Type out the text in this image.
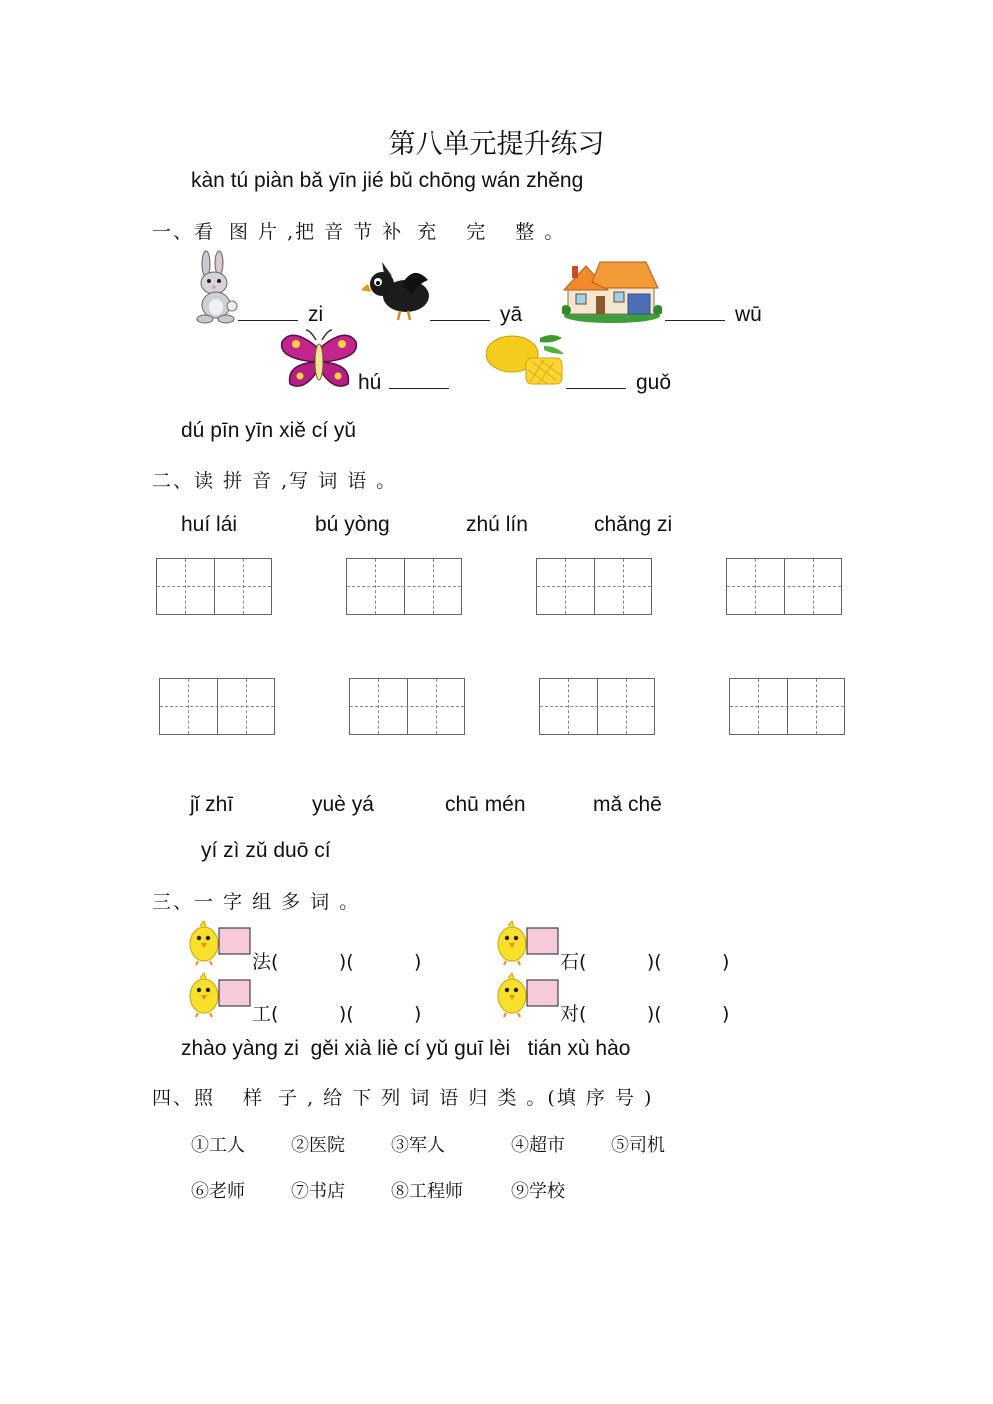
第八单元提升练习
kàn tú piàn bǎ yīn jié bǔ chōng wán zhěng
一、看 图 片 ,把 音 节 补 充 完 整 。
zi	yā	wū
hú	guǒ
dú pīn yīn xiě cí yǔ
二、读 拼 音 ,写 词 语 。
huí lái	bú yòng	zhú lín	chǎng zi
jǐ zhī	yuè yá	chū mén	mǎ chē
yí zì zǔ duō cí
三、一 字 组 多 词 。
法(          )(          )	石(          )(          )
工(          )(          )	对(          )(          )
zhào yàng zi  gěi xià liè cí yǔ guī lèi   tián xù hào
四、照 样 子 , 给 下 列 词 语 归 类 。(填 序 号 )
①工人	②医院	③军人	④超市	⑤司机
⑥老师	⑦书店	⑧工程师	⑨学校
